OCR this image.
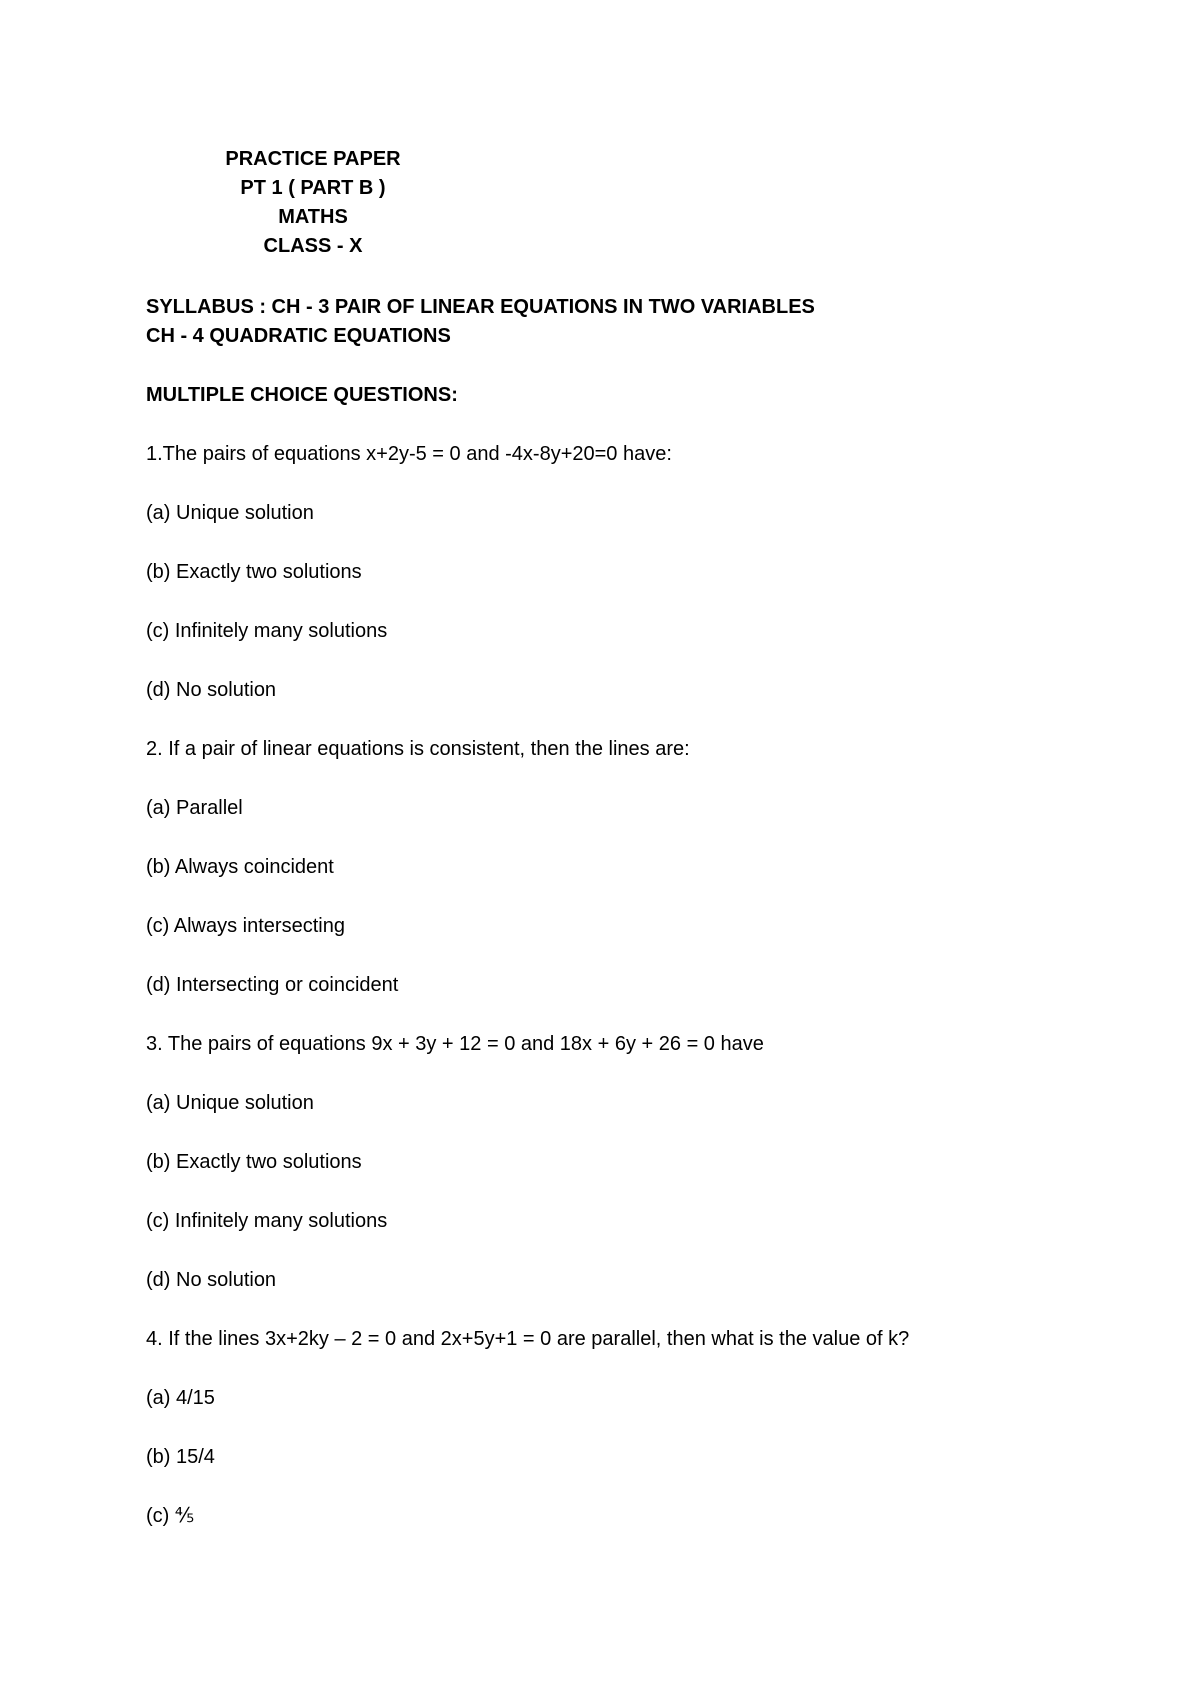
PRACTICE PAPER
PT 1 ( PART B )
MATHS
CLASS - X
SYLLABUS : CH - 3 PAIR OF LINEAR EQUATIONS IN TWO VARIABLES
CH - 4 QUADRATIC EQUATIONS
MULTIPLE CHOICE QUESTIONS:
1.The pairs of equations x+2y-5 = 0 and -4x-8y+20=0 have:
(a) Unique solution
(b) Exactly two solutions
(c) Infinitely many solutions
(d) No solution
2. If a pair of linear equations is consistent, then the lines are:
(a) Parallel
(b) Always coincident
(c) Always intersecting
(d) Intersecting or coincident
3. The pairs of equations 9x + 3y + 12 = 0 and 18x + 6y + 26 = 0 have
(a) Unique solution
(b) Exactly two solutions
(c) Infinitely many solutions
(d) No solution
4. If the lines 3x+2ky – 2 = 0 and 2x+5y+1 = 0 are parallel, then what is the value of k?
(a) 4/15
(b) 15/4
(c) ⅘
